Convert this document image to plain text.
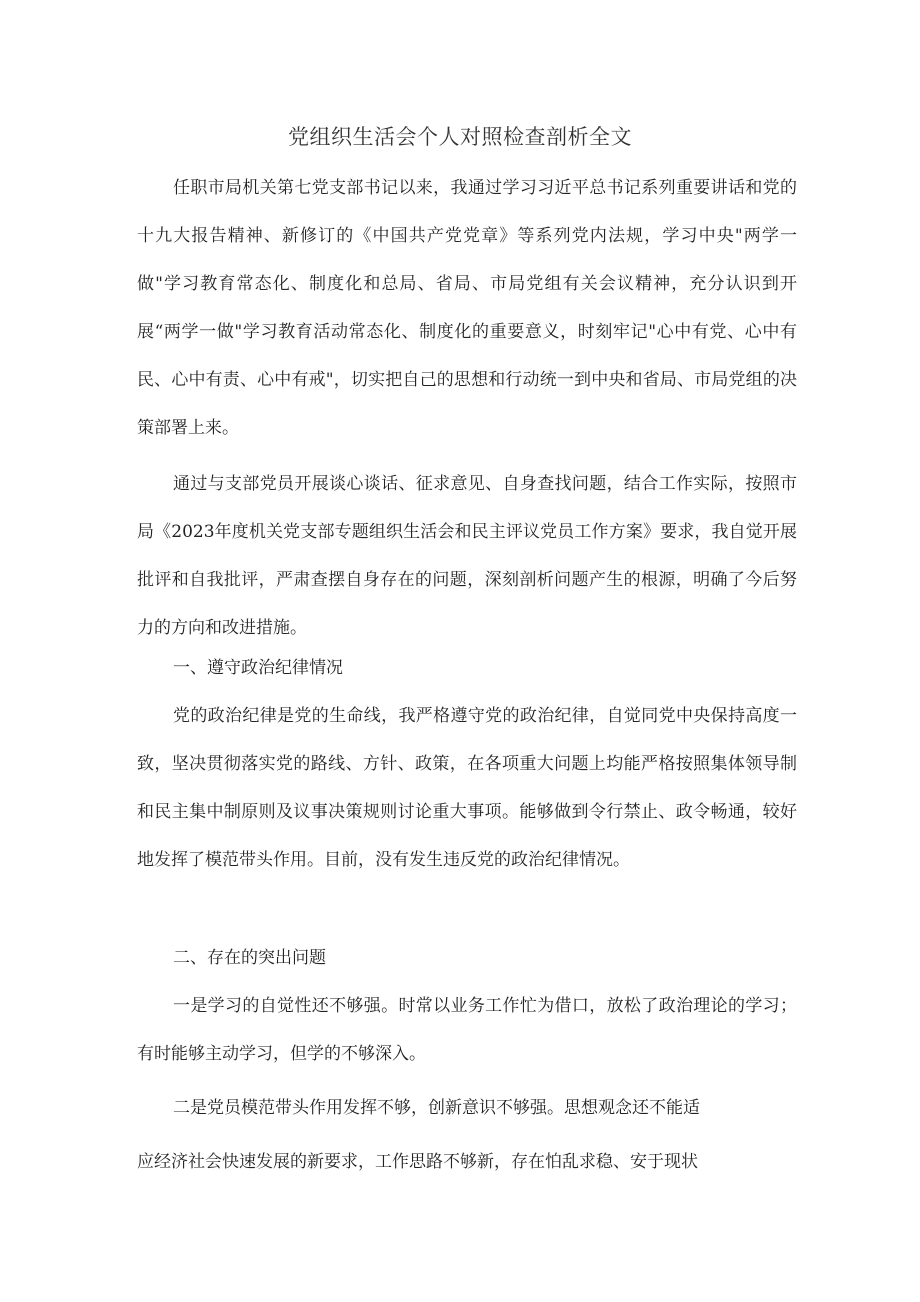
党组织生活会个人对照检查剖析全文

任职市局机关第七党支部书记以来，我通过学习习近平总书记系列重要讲话和党的十九大报告精神、新修订的《中国共产党党章》等系列党内法规，学习中央"两学一做"学习教育常态化、制度化和总局、省局、市局党组有关会议精神，充分认识到开展“两学一做"学习教育活动常态化、制度化的重要意义，时刻牢记"心中有党、心中有民、心中有责、心中有戒"，切实把自己的思想和行动统一到中央和省局、市局党组的决策部署上来。

通过与支部党员开展谈心谈话、征求意见、自身查找问题，结合工作实际，按照市局《2023年度机关党支部专题组织生活会和民主评议党员工作方案》要求，我自觉开展批评和自我批评，严肃查摆自身存在的问题，深刻剖析问题产生的根源，明确了今后努力的方向和改进措施。

一、遵守政治纪律情况

党的政治纪律是党的生命线，我严格遵守党的政治纪律，自觉同党中央保持高度一致，坚决贯彻落实党的路线、方针、政策，在各项重大问题上均能严格按照集体领导制和民主集中制原则及议事决策规则讨论重大事项。能够做到令行禁止、政令畅通，较好地发挥了模范带头作用。目前，没有发生违反党的政治纪律情况。

二、存在的突出问题

一是学习的自觉性还不够强。时常以业务工作忙为借口，放松了政治理论的学习；有时能够主动学习，但学的不够深入。

二是党员模范带头作用发挥不够，创新意识不够强。思想观念还不能适

应经济社会快速发展的新要求，工作思路不够新，存在怕乱求稳、安于现状
